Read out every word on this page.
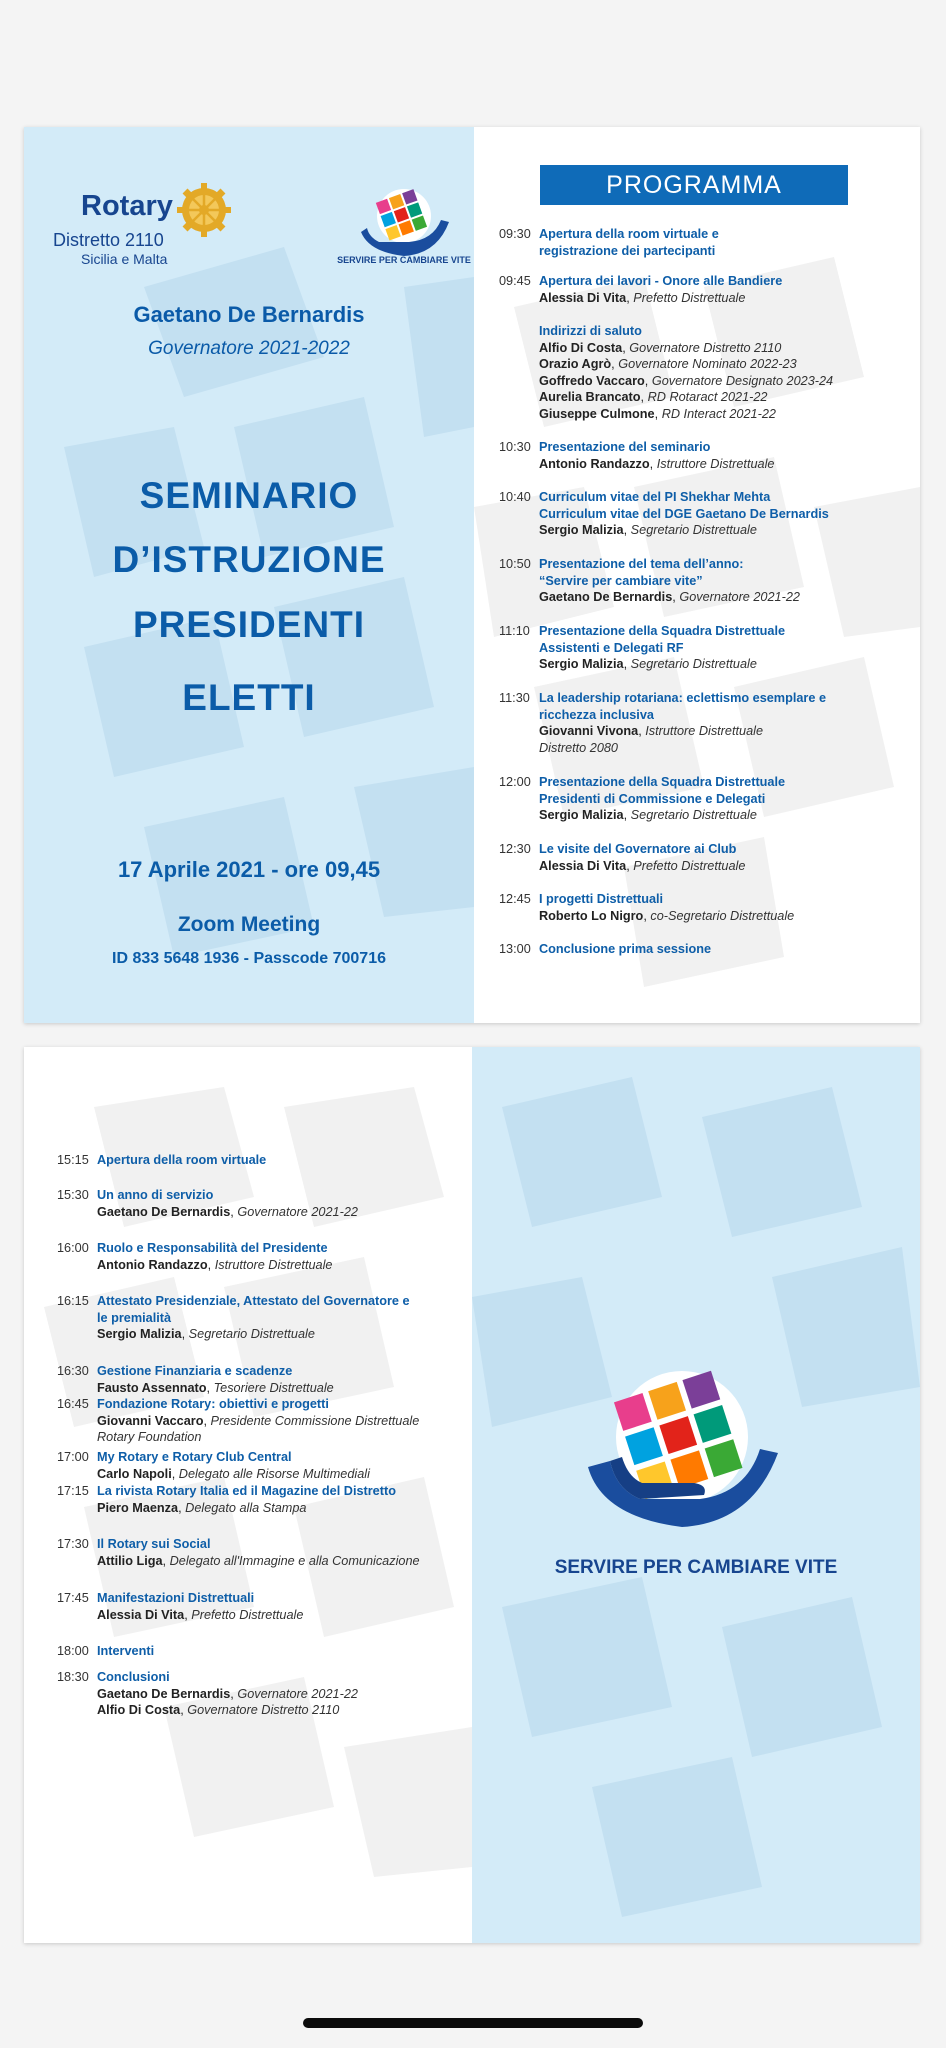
Rotary
Distretto 2110
Sicilia e Malta	SERVIRE PER CAMBIARE VITE
Gaetano De Bernardis
Governatore 2021-2022
SEMINARIO
D’ISTRUZIONE
PRESIDENTI
ELETTI
17 Aprile 2021 - ore 09,45
Zoom Meeting
ID 833 5648 1936 - Passcode 700716
PROGRAMMA
09:30 Apertura della room virtuale e
registrazione dei partecipanti
09:45 Apertura dei lavori - Onore alle Bandiere
Alessia Di Vita, Prefetto Distrettuale
Indirizzi di saluto
Alfio Di Costa, Governatore Distretto 2110
Orazio Agrò, Governatore Nominato 2022-23
Goffredo Vaccaro, Governatore Designato 2023-24
Aurelia Brancato, RD Rotaract 2021-22
Giuseppe Culmone, RD Interact 2021-22
10:30 Presentazione del seminario
Antonio Randazzo, Istruttore Distrettuale
10:40 Curriculum vitae del PI Shekhar Mehta
Curriculum vitae del DGE Gaetano De Bernardis
Sergio Malizia, Segretario Distrettuale
10:50 Presentazione del tema dell’anno:
“Servire per cambiare vite”
Gaetano De Bernardis, Governatore 2021-22
11:10 Presentazione della Squadra Distrettuale
Assistenti e Delegati RF
Sergio Malizia, Segretario Distrettuale
11:30 La leadership rotariana: eclettismo esemplare e
ricchezza inclusiva
Giovanni Vivona, Istruttore Distrettuale
Distretto 2080
12:00 Presentazione della Squadra Distrettuale
Presidenti di Commissione e Delegati
Sergio Malizia, Segretario Distrettuale
12:30 Le visite del Governatore ai Club
Alessia Di Vita, Prefetto Distrettuale
12:45 I progetti Distrettuali
Roberto Lo Nigro, co-Segretario Distrettuale
13:00 Conclusione prima sessione
15:15 Apertura della room virtuale
15:30 Un anno di servizio
Gaetano De Bernardis, Governatore 2021-22
16:00 Ruolo e Responsabilità del Presidente
Antonio Randazzo, Istruttore Distrettuale
16:15 Attestato Presidenziale, Attestato del Governatore e
le premialità
Sergio Malizia, Segretario Distrettuale
16:30 Gestione Finanziaria e scadenze
Fausto Assennato, Tesoriere Distrettuale
16:45 Fondazione Rotary: obiettivi e progetti
Giovanni Vaccaro, Presidente Commissione Distrettuale
Rotary Foundation
17:00 My Rotary e Rotary Club Central
Carlo Napoli, Delegato alle Risorse Multimediali
17:15 La rivista Rotary Italia ed il Magazine del Distretto
Piero Maenza, Delegato alla Stampa
17:30 Il Rotary sui Social
Attilio Liga, Delegato all'Immagine e alla Comunicazione
17:45 Manifestazioni Distrettuali
Alessia Di Vita, Prefetto Distrettuale
18:00 Interventi
18:30 Conclusioni
Gaetano De Bernardis, Governatore 2021-22
Alfio Di Costa, Governatore Distretto 2110
SERVIRE PER CAMBIARE VITE
